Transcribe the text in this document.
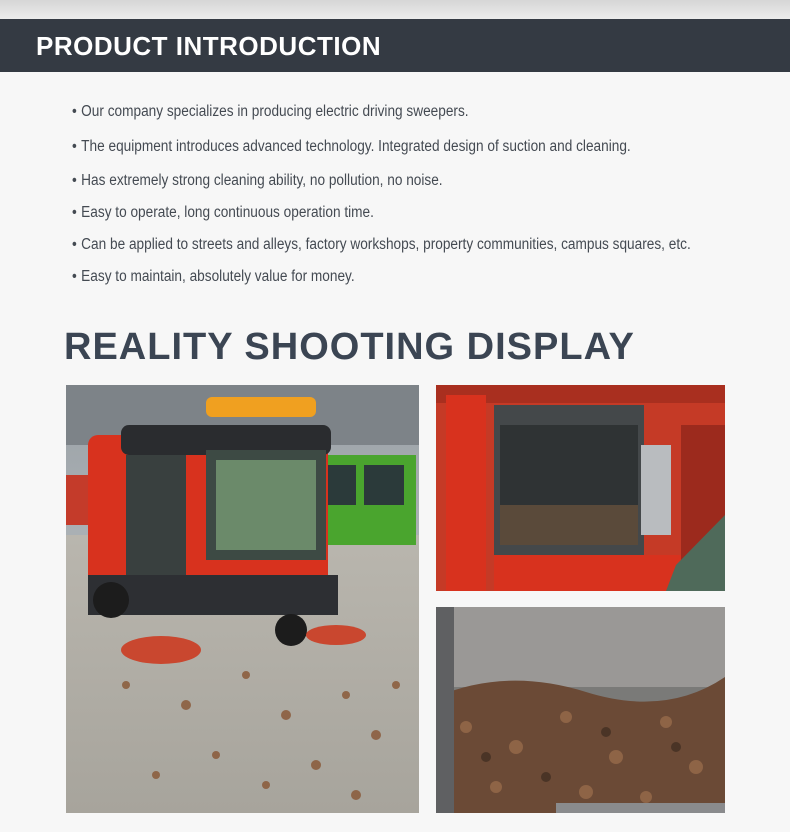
PRODUCT INTRODUCTION
• Our company specializes in producing electric driving sweepers.
• The equipment introduces advanced technology. Integrated design of suction and cleaning.
• Has extremely strong cleaning ability, no pollution, no noise.
• Easy to operate, long continuous operation time.
• Can be applied to streets and alleys, factory workshops, property communities, campus squares, etc.
• Easy to maintain, absolutely value for money.
REALITY SHOOTING DISPLAY
